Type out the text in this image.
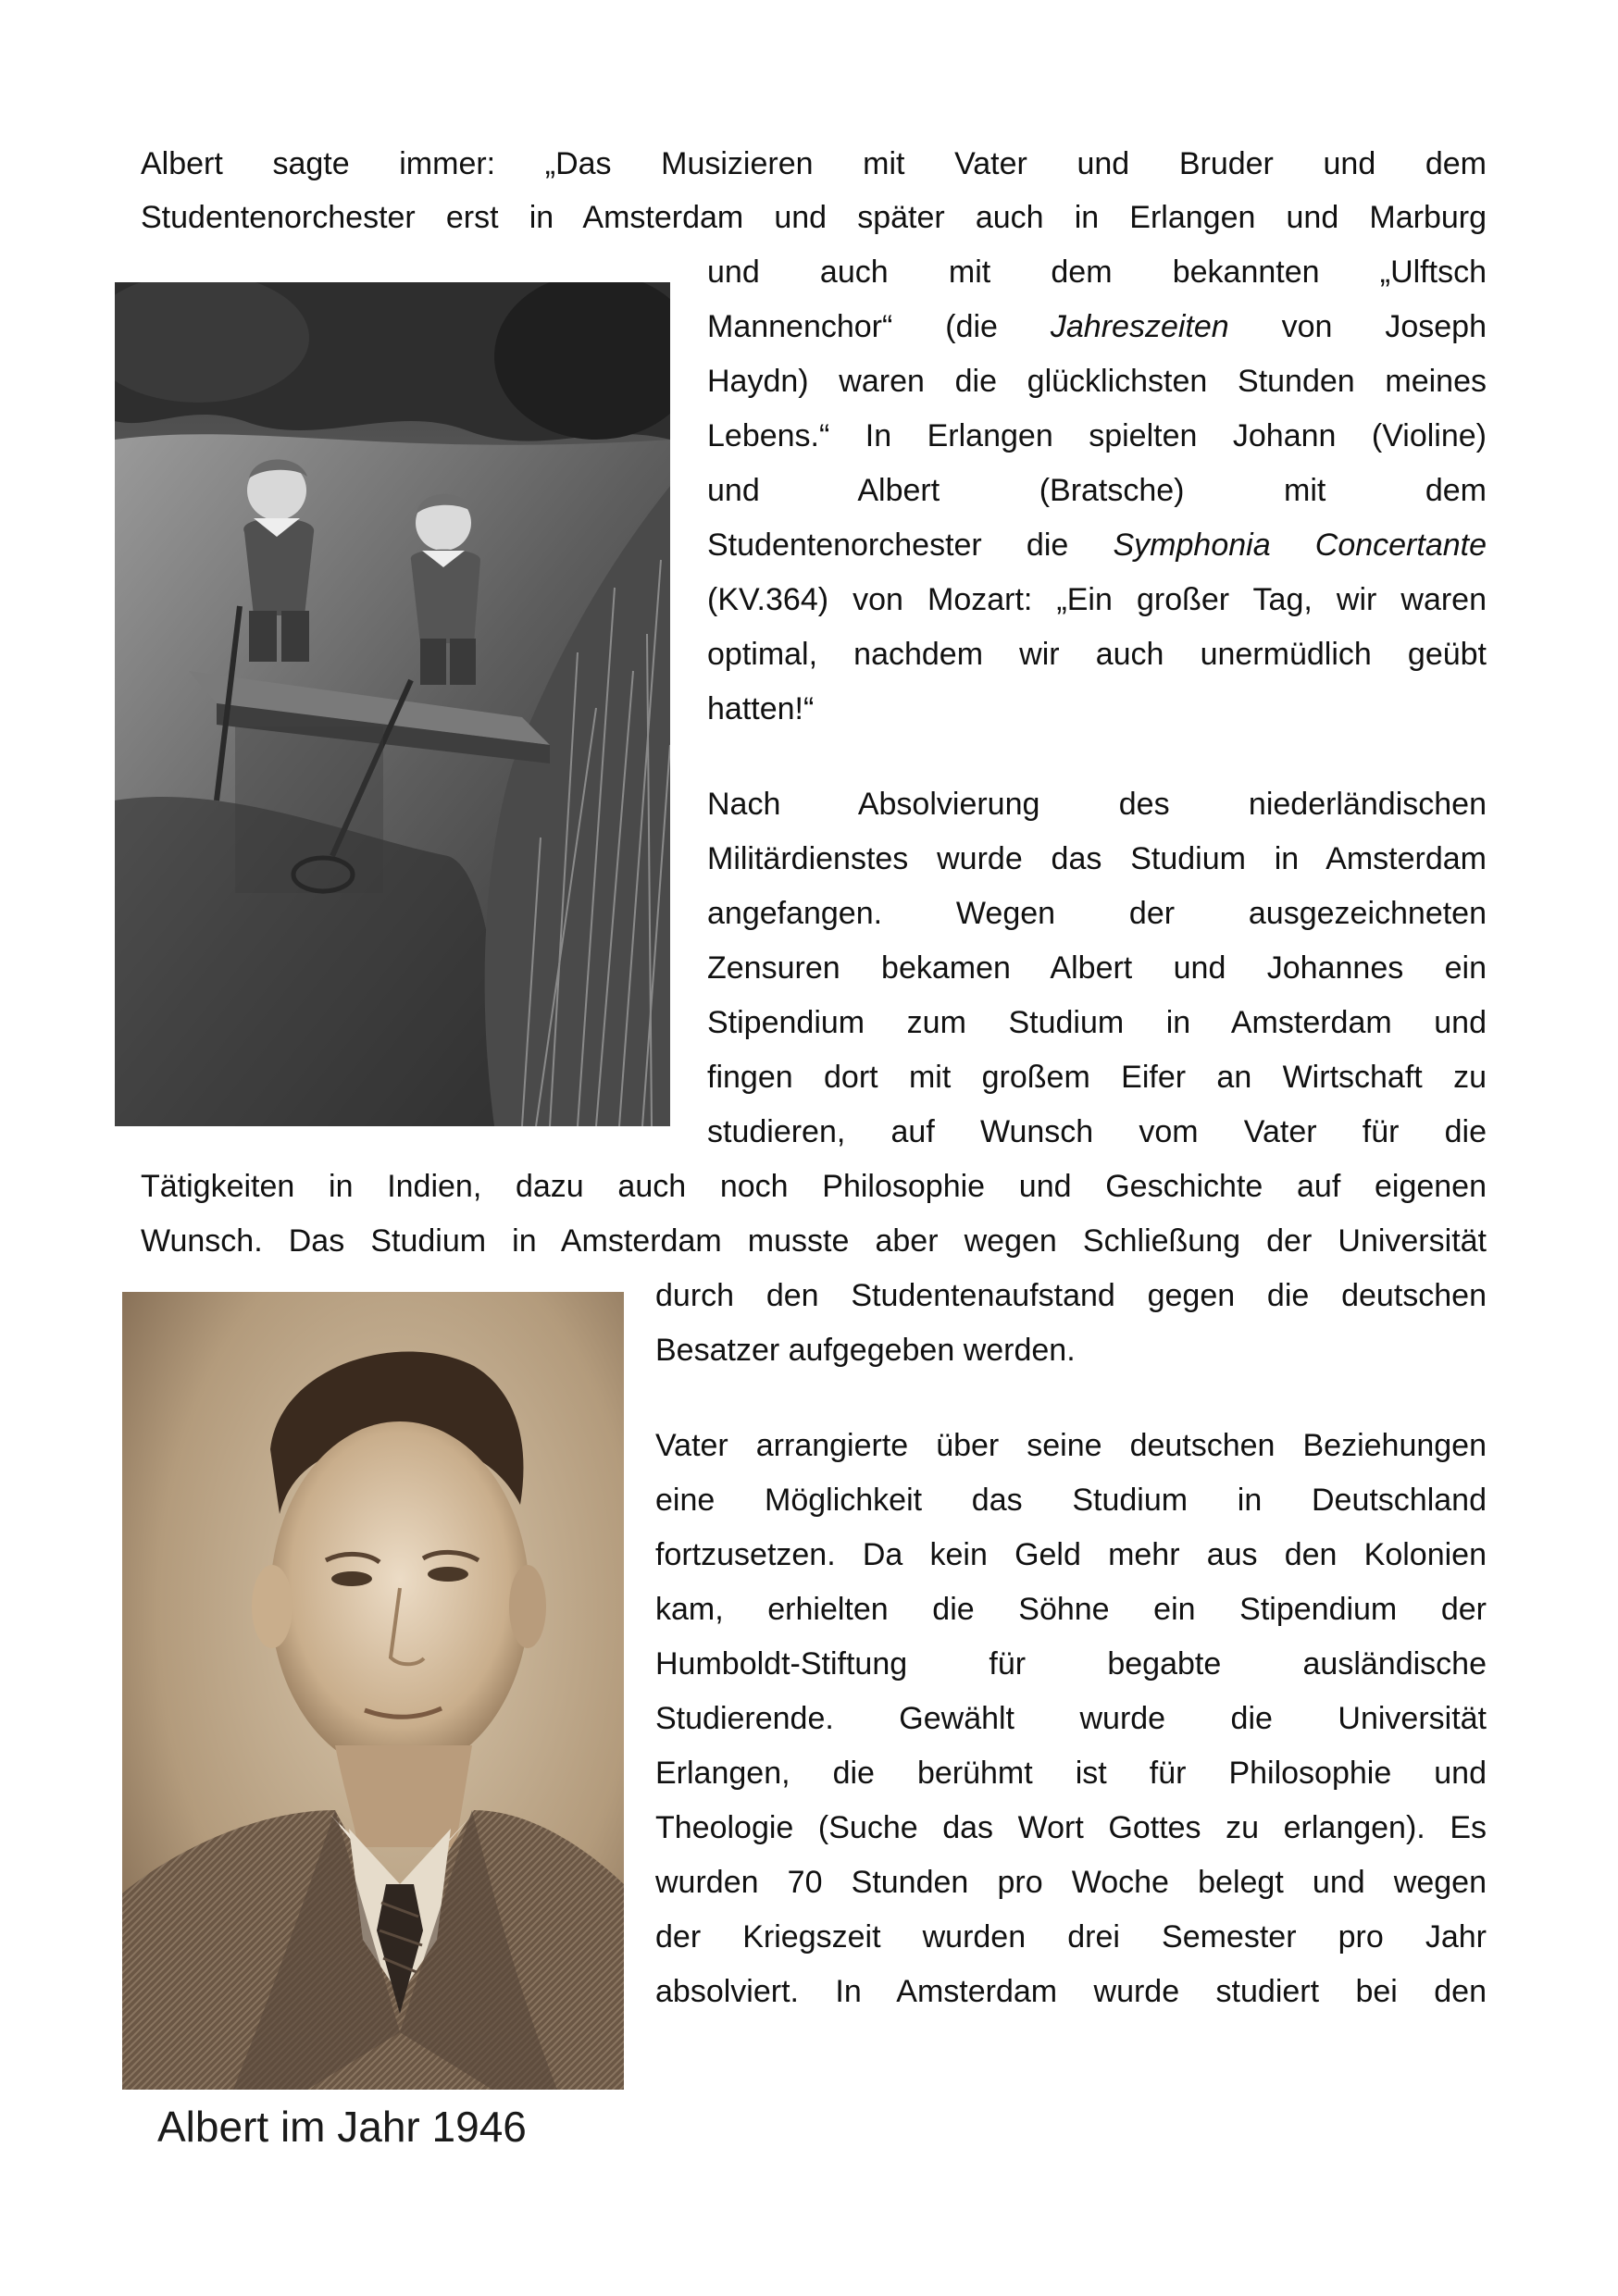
Albert sagte immer: „Das Musizieren mit Vater und Bruder und dem
Studentenorchester erst in Amsterdam und später auch in Erlangen und Marburg
und auch mit dem bekannten „Ulftsch
Mannenchor“ (die Jahreszeiten von Joseph
Haydn) waren die glücklichsten Stunden meines
Lebens.“ In Erlangen spielten Johann (Violine)
und Albert (Bratsche) mit dem
Studentenorchester die Symphonia Concertante
(KV.364) von Mozart: „Ein großer Tag, wir waren
optimal, nachdem wir auch unermüdlich geübt
hatten!“
Nach Absolvierung des niederländischen
Militärdienstes wurde das Studium in Amsterdam
angefangen. Wegen der ausgezeichneten
Zensuren bekamen Albert und Johannes ein
Stipendium zum Studium in Amsterdam und
fingen dort mit großem Eifer an Wirtschaft zu
studieren, auf Wunsch vom Vater für die
Tätigkeiten in Indien, dazu auch noch Philosophie und Geschichte auf eigenen
Wunsch. Das Studium in Amsterdam musste aber wegen Schließung der Universität
durch den Studentenaufstand gegen die deutschen
Besatzer aufgegeben werden.
Vater arrangierte über seine deutschen Beziehungen
eine Möglichkeit das Studium in Deutschland
fortzusetzen. Da kein Geld mehr aus den Kolonien
kam, erhielten die Söhne ein Stipendium der
Humboldt-Stiftung für begabte ausländische
Studierende. Gewählt wurde die Universität
Erlangen, die berühmt ist für Philosophie und
Theologie (Suche das Wort Gottes zu erlangen). Es
wurden 70 Stunden pro Woche belegt und wegen
der Kriegszeit wurden drei Semester pro Jahr
absolviert. In Amsterdam wurde studiert bei den
Albert im Jahr 1946
